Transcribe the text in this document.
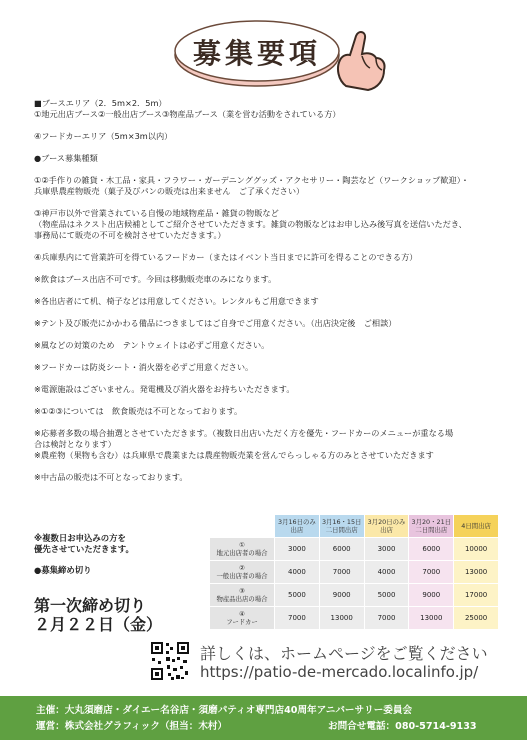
募集要項

■ブースエリア（2．5m×2．5m）

①地元出店ブース②一般出店ブース③物産品ブース（業を営む活動をされている方）

④フードカーエリア（5m×3m以内）

●ブース募集種類

①②手作りの雑貨・木工品・家具・フラワー・ガーデニンググッズ・アクセサリー・陶芸など（ワークショップ歓迎）・

兵庫県農産物販売（菓子及びパンの販売は出来ません　ご了承ください）

③神戸市以外で営業されている自慢の地域物産品・雑貨の物販など

（物産品はネクスト出店候補としてご紹介させていただきます。雑貨の物販などはお申し込み後写真を送信いただき、

事務局にて販売の不可を検討させていただきます。）

④兵庫県内にて営業許可を得ているフードカー（またはイベント当日までに許可を得ることのできる方）

※飲食はブース出店不可です。今回は移動販売車のみになります。

※各出店者にて机、椅子などは用意してください。レンタルもご用意できます

※テント及び販売にかかわる備品につきましてはご自身でご用意ください。（出店決定後　ご相談）

※風などの対策のため　テントウェイトは必ずご用意ください。

※フードカーは防炎シート・消火器を必ずご用意ください。

※電源施設はございません。発電機及び消火器をお持ちいただきます。

※①②③については　飲食販売は不可となっております。

※応募者多数の場合抽選とさせていただきます。（複数日出店いただく方を優先・フードカーのメニューが重なる場

合は検討となります）

※農産物（果物も含む）は兵庫県で農業または農産物販売業を営んでらっしゃる方のみとさせていただきます

※中古品の販売は不可となっております。

※複数日お申込みの方を
優先させていただきます。
●募集締め切り
第一次締め切り
２月２２日（金）
	3月16日のみ出店	3月16・15日 二日間出店	3月20日のみ出店	3月20・21日 二日間出店	4日間出店
①
地元出店者の場合	3000	6000	3000	6000	10000
②
一般出店者の場合	4000	7000	4000	7000	13000
③
物産品出店の場合	5000	9000	5000	9000	17000
④
フードカー	7000	13000	7000	13000	25000
詳しくは、ホームページをご覧ください
https://patio-de-mercado.localinfo.jp/
主催：大丸須磨店・ダイエー名谷店・須磨パティオ専門店40周年アニバーサリー委員会
運営：株式会社グラフィック（担当：木村）	お問合せ電話：080-5714-9133
